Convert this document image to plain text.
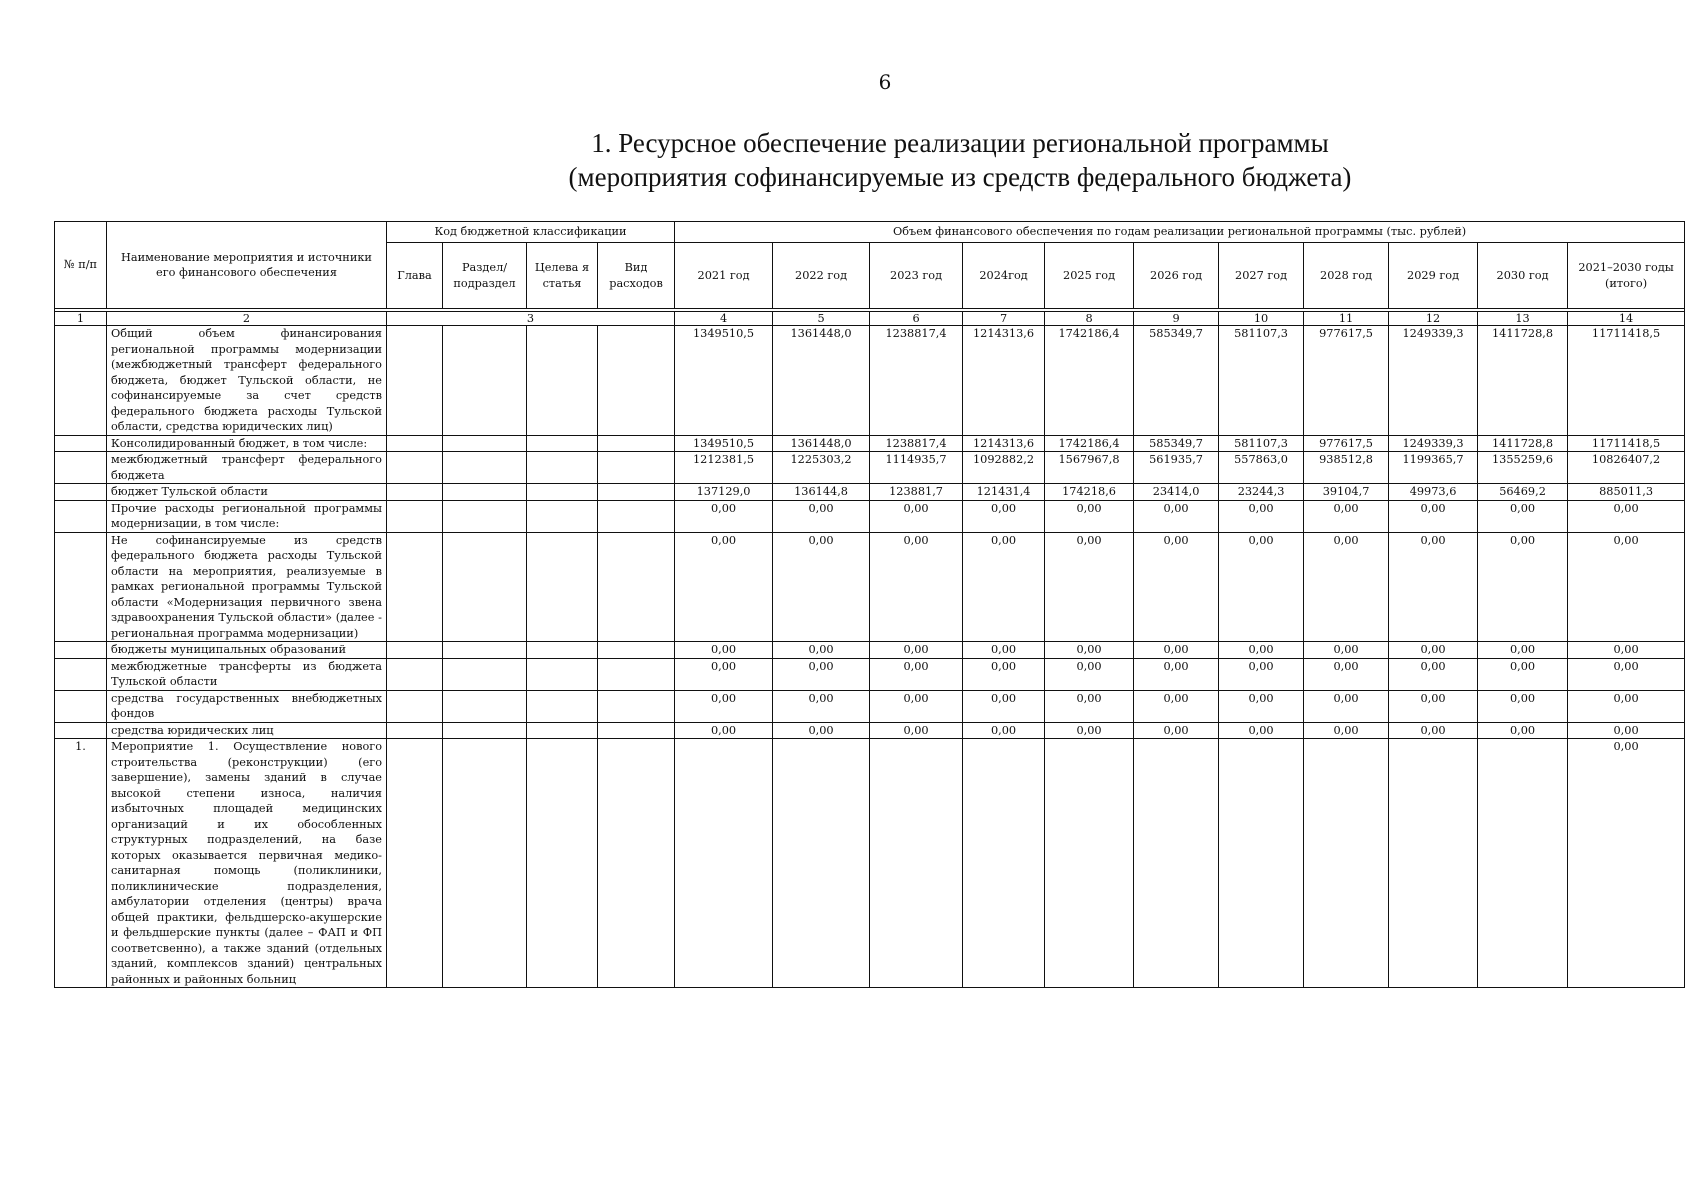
6
1. Ресурсное обеспечение реализации региональной программы
(мероприятия софинансируемые из средств федерального бюджета)
№ п/п	Наименование мероприятия и источники его финансового обеспечения	Код бюджетной классификации				Объем финансового обеспечения по годам реализации региональной программы (тыс. рублей)										
		Глава	Раздел/ подраздел	Целева я статья	Вид расходов	2021 год	2022 год	2023 год	2024год	2025 год	2026 год	2027 год	2028 год	2029 год	2030 год	2021–2030 годы (итого)

1	2	3				4	5	6	7	8	9	10	11	12	13	14
	Общий объем финансирования региональной программы модернизации (межбюджетный трансферт федерального бюджета, бюджет Тульской области, не софинансируемые за счет средств федерального бюджета расходы Тульской области, средства юридических лиц)					1349510,5	1361448,0	1238817,4	1214313,6	1742186,4	585349,7	581107,3	977617,5	1249339,3	1411728,8	11711418,5
	Консолидированный бюджет, в том числе:					1349510,5	1361448,0	1238817,4	1214313,6	1742186,4	585349,7	581107,3	977617,5	1249339,3	1411728,8	11711418,5
	межбюджетный трансферт федерального бюджета					1212381,5	1225303,2	1114935,7	1092882,2	1567967,8	561935,7	557863,0	938512,8	1199365,7	1355259,6	10826407,2
	бюджет Тульской области					137129,0	136144,8	123881,7	121431,4	174218,6	23414,0	23244,3	39104,7	49973,6	56469,2	885011,3
	Прочие расходы региональной программы модернизации, в том числе:					0,00	0,00	0,00	0,00	0,00	0,00	0,00	0,00	0,00	0,00	0,00
	Не софинансируемые из средств федерального бюджета расходы Тульской области на мероприятия, реализуемые в рамках региональной программы Тульской области «Модернизация первичного звена здравоохранения Тульской области» (далее - региональная программа модернизации)					0,00	0,00	0,00	0,00	0,00	0,00	0,00	0,00	0,00	0,00	0,00
	бюджеты муниципальных образований					0,00	0,00	0,00	0,00	0,00	0,00	0,00	0,00	0,00	0,00	0,00
	межбюджетные трансферты из бюджета Тульской области					0,00	0,00	0,00	0,00	0,00	0,00	0,00	0,00	0,00	0,00	0,00
	средства государственных внебюджетных фондов					0,00	0,00	0,00	0,00	0,00	0,00	0,00	0,00	0,00	0,00	0,00
	средства юридических лиц					0,00	0,00	0,00	0,00	0,00	0,00	0,00	0,00	0,00	0,00	0,00
1.	Мероприятие 1. Осуществление нового строительства (реконструкции) (его завершение), замены зданий в случае высокой степени износа, наличия избыточных площадей медицинских организаций и их обособленных структурных подразделений, на базе которых оказывается первичная медико-санитарная помощь (поликлиники, поликлинические подразделения, амбулатории отделения (центры) врача общей практики, фельдшерско-акушерские и фельдшерские пункты (далее – ФАП и ФП соответсвенно), а также зданий (отдельных зданий, комплексов зданий) центральных районных и районных больниц															0,00
